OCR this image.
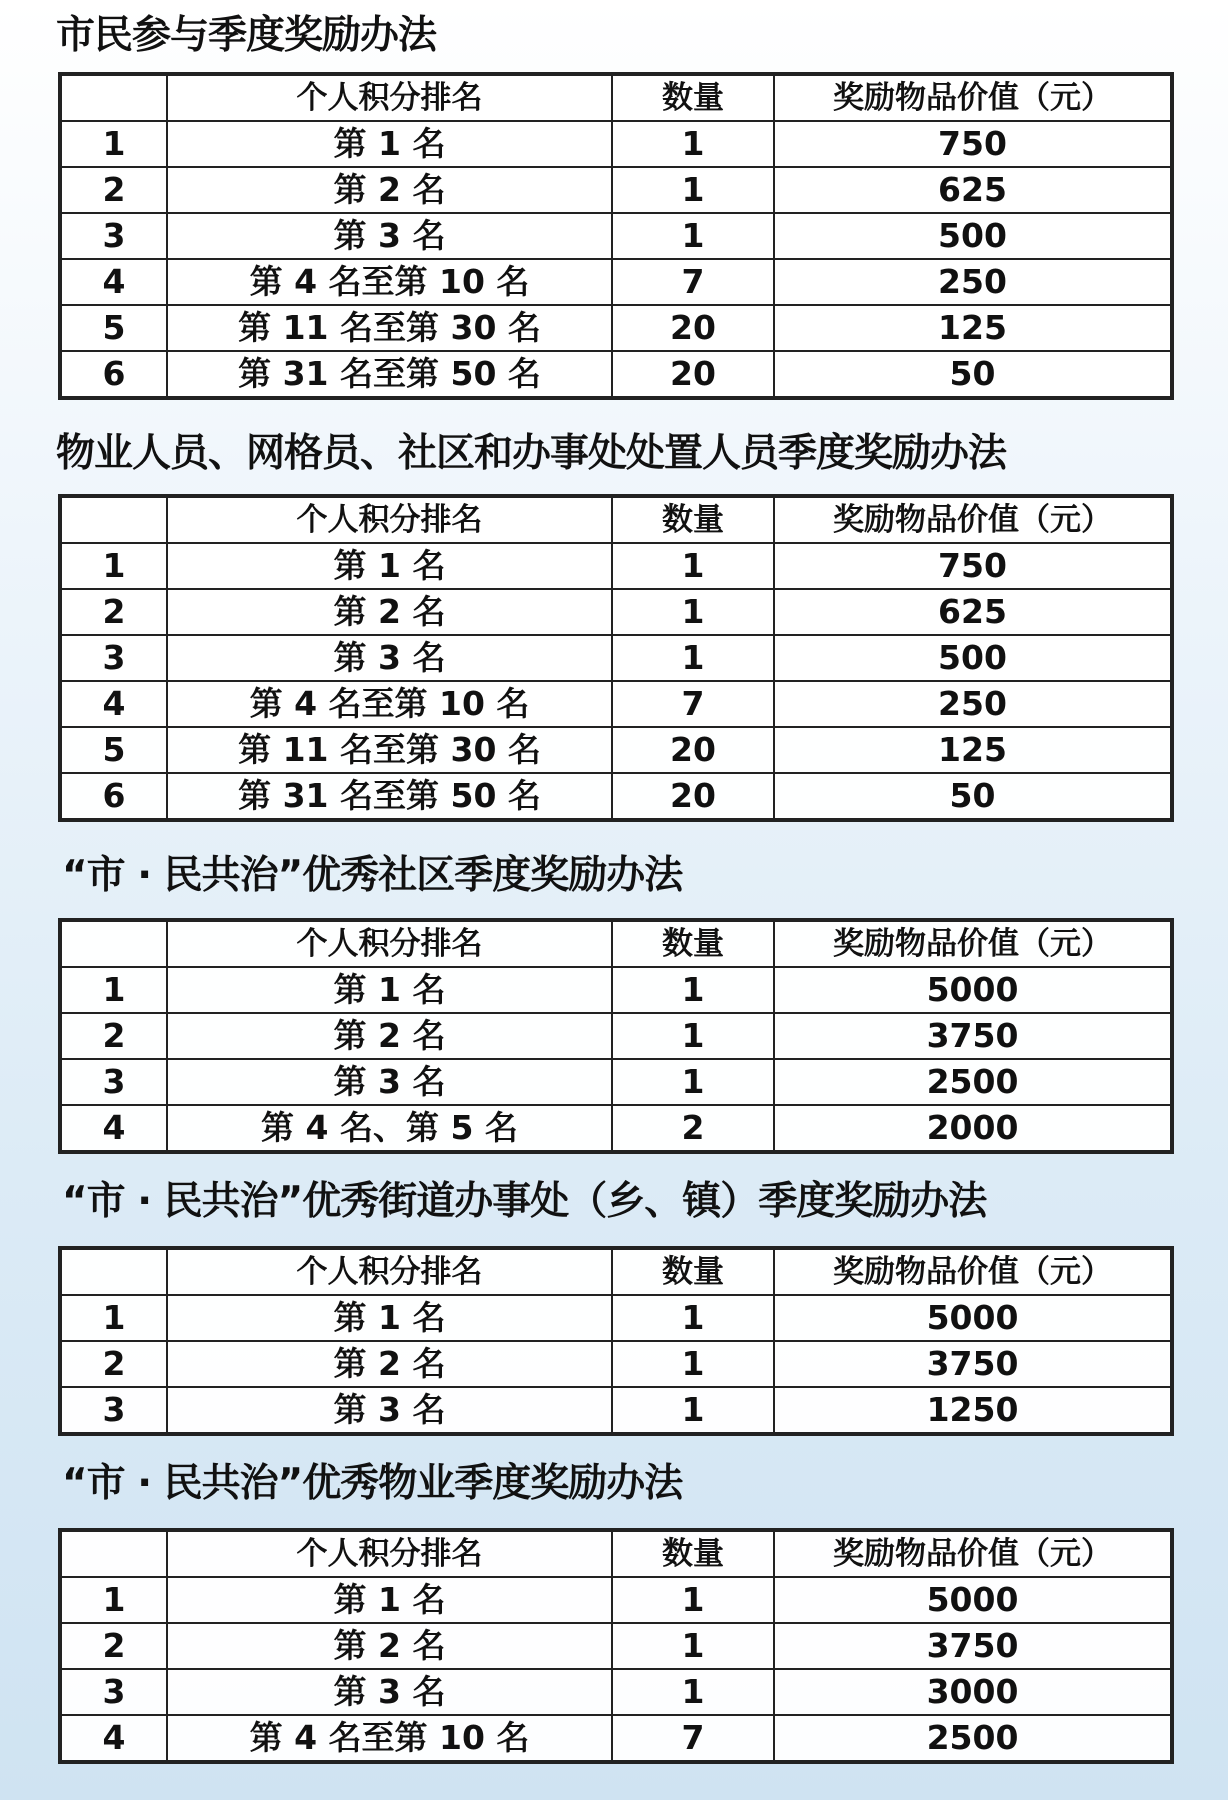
市民参与季度奖励办法
	个人积分排名	数量	奖励物品价值（元）
1	第 1 名	1	750
2	第 2 名	1	625
3	第 3 名	1	500
4	第 4 名至第 10 名	7	250
5	第 11 名至第 30 名	20	125
6	第 31 名至第 50 名	20	50
物业人员、网格员、社区和办事处处置人员季度奖励办法
	个人积分排名	数量	奖励物品价值（元）
1	第 1 名	1	750
2	第 2 名	1	625
3	第 3 名	1	500
4	第 4 名至第 10 名	7	250
5	第 11 名至第 30 名	20	125
6	第 31 名至第 50 名	20	50
“市 · 民共治”优秀社区季度奖励办法
	个人积分排名	数量	奖励物品价值（元）
1	第 1 名	1	5000
2	第 2 名	1	3750
3	第 3 名	1	2500
4	第 4 名、第 5 名	2	2000
“市 · 民共治”优秀街道办事处（乡、镇）季度奖励办法
	个人积分排名	数量	奖励物品价值（元）
1	第 1 名	1	5000
2	第 2 名	1	3750
3	第 3 名	1	1250
“市 · 民共治”优秀物业季度奖励办法
	个人积分排名	数量	奖励物品价值（元）
1	第 1 名	1	5000
2	第 2 名	1	3750
3	第 3 名	1	3000
4	第 4 名至第 10 名	7	2500
